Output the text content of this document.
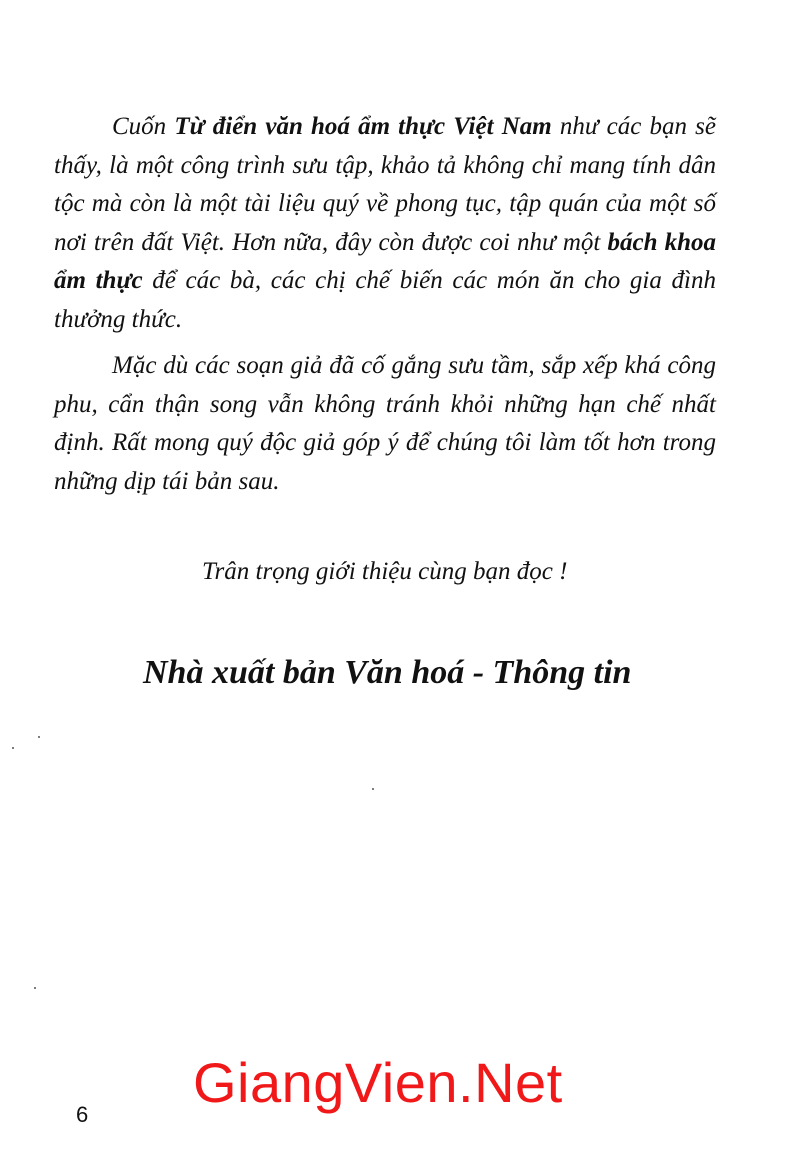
Cuốn Từ điển văn hoá ẩm thực Việt Nam như các bạn sẽ thấy, là một công trình sưu tập, khảo tả không chỉ mang tính dân tộc mà còn là một tài liệu quý về phong tục, tập quán của một số nơi trên đất Việt. Hơn nữa, đây còn được coi như một bách khoa ẩm thực để các bà, các chị chế biến các món ăn cho gia đình thưởng thức.

Mặc dù các soạn giả đã cố gắng sưu tầm, sắp xếp khá công phu, cẩn thận song vẫn không tránh khỏi những hạn chế nhất định. Rất mong quý độc giả góp ý để chúng tôi làm tốt hơn trong những dịp tái bản sau.

Trân trọng giới thiệu cùng bạn đọc !
Nhà xuất bản Văn hoá - Thông tin
GiangVien.Net
6
